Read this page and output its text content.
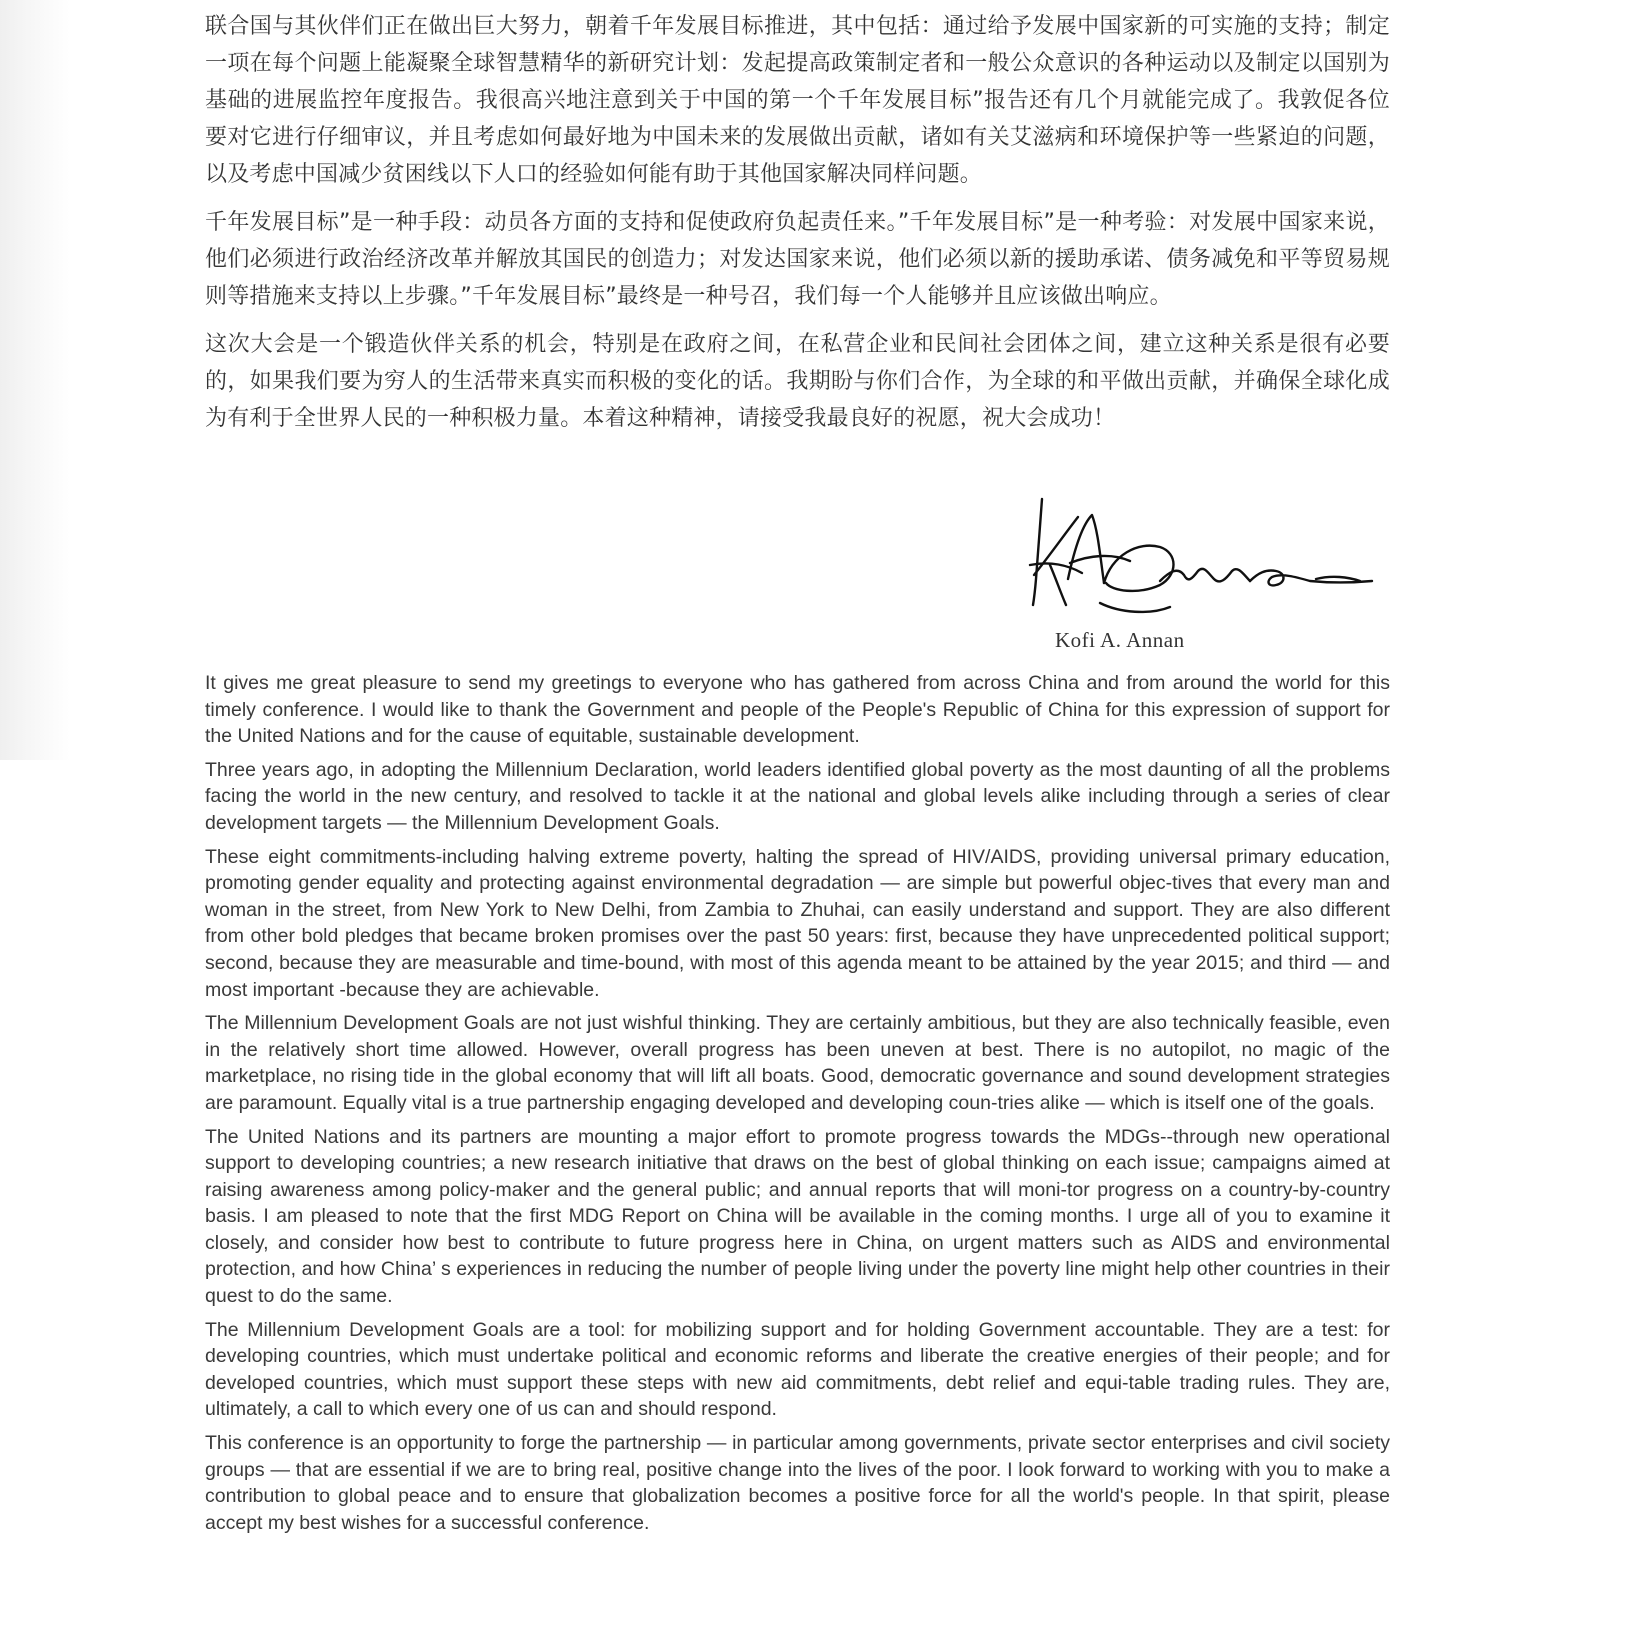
联合国与其伙伴们正在做出巨大努力，朝着千年发展目标推进，其中包括：通过给予发展中国家新的可实施的支持；制定一项在每个问题上能凝聚全球智慧精华的新研究计划：发起提高政策制定者和一般公众意识的各种运动以及制定以国别为基础的进展监控年度报告。我很高兴地注意到关于中国的第一个千年发展目标”报告还有几个月就能完成了。我敦促各位要对它进行仔细审议，并且考虑如何最好地为中国未来的发展做出贡献，诸如有关艾滋病和环境保护等一些紧迫的问题，以及考虑中国减少贫困线以下人口的经验如何能有助于其他国家解决同样问题。

千年发展目标”是一种手段：动员各方面的支持和促使政府负起责任来。”千年发展目标”是一种考验：对发展中国家来说，他们必须进行政治经济改革并解放其国民的创造力；对发达国家来说，他们必须以新的援助承诺、债务减免和平等贸易规则等措施来支持以上步骤。”千年发展目标”最终是一种号召，我们每一个人能够并且应该做出响应。

这次大会是一个锻造伙伴关系的机会，特别是在政府之间，在私营企业和民间社会团体之间，建立这种关系是很有必要的，如果我们要为穷人的生活带来真实而积极的变化的话。我期盼与你们合作，为全球的和平做出贡献，并确保全球化成为有利于全世界人民的一种积极力量。本着这种精神，请接受我最良好的祝愿，祝大会成功！

Kofi A. Annan

It gives me great pleasure to send my greetings to everyone who has gathered from across China and from around the world for this timely conference. I would like to thank the Government and people of the People's Republic of China for this expression of support for the United Nations and for the cause of equitable, sustainable development.

Three years ago, in adopting the Millennium Declaration, world leaders identified global poverty as the most daunting of all the problems facing the world in the new century, and resolved to tackle it at the national and global levels alike including through a series of clear development targets — the Millennium Development Goals.

These eight commitments-including halving extreme poverty, halting the spread of HIV/AIDS, providing universal primary education, promoting gender equality and protecting against environmental degradation — are simple but powerful objec-tives that every man and woman in the street, from New York to New Delhi, from Zambia to Zhuhai, can easily understand and support. They are also different from other bold pledges that became broken promises over the past 50 years: first, because they have unprecedented political support; second, because they are measurable and time-bound, with most of this agenda meant to be attained by the year 2015; and third — and most important -because they are achievable.

The Millennium Development Goals are not just wishful thinking. They are certainly ambitious, but they are also technically feasible, even in the relatively short time allowed. However, overall progress has been uneven at best. There is no autopilot, no magic of the marketplace, no rising tide in the global economy that will lift all boats. Good, democratic governance and sound development strategies are paramount. Equally vital is a true partnership engaging developed and developing coun-tries alike — which is itself one of the goals.

The United Nations and its partners are mounting a major effort to promote progress towards the MDGs--through new operational support to developing countries; a new research initiative that draws on the best of global thinking on each issue; campaigns aimed at raising awareness among policy-maker and the general public; and annual reports that will moni-tor progress on a country-by-country basis. I am pleased to note that the first MDG Report on China will be available in the coming months. I urge all of you to examine it closely, and consider how best to contribute to future progress here in China, on urgent matters such as AIDS and environmental protection, and how China’ s experiences in reducing the number of people living under the poverty line might help other countries in their quest to do the same.

The Millennium Development Goals are a tool: for mobilizing support and for holding Government accountable. They are a test: for developing countries, which must undertake political and economic reforms and liberate the creative energies of their people; and for developed countries, which must support these steps with new aid commitments, debt relief and equi-table trading rules. They are, ultimately, a call to which every one of us can and should respond.

This conference is an opportunity to forge the partnership — in particular among governments, private sector enterprises and civil society groups — that are essential if we are to bring real, positive change into the lives of the poor. I look forward to working with you to make a contribution to global peace and to ensure that globalization becomes a positive force for all the world's people. In that spirit, please accept my best wishes for a successful conference.
